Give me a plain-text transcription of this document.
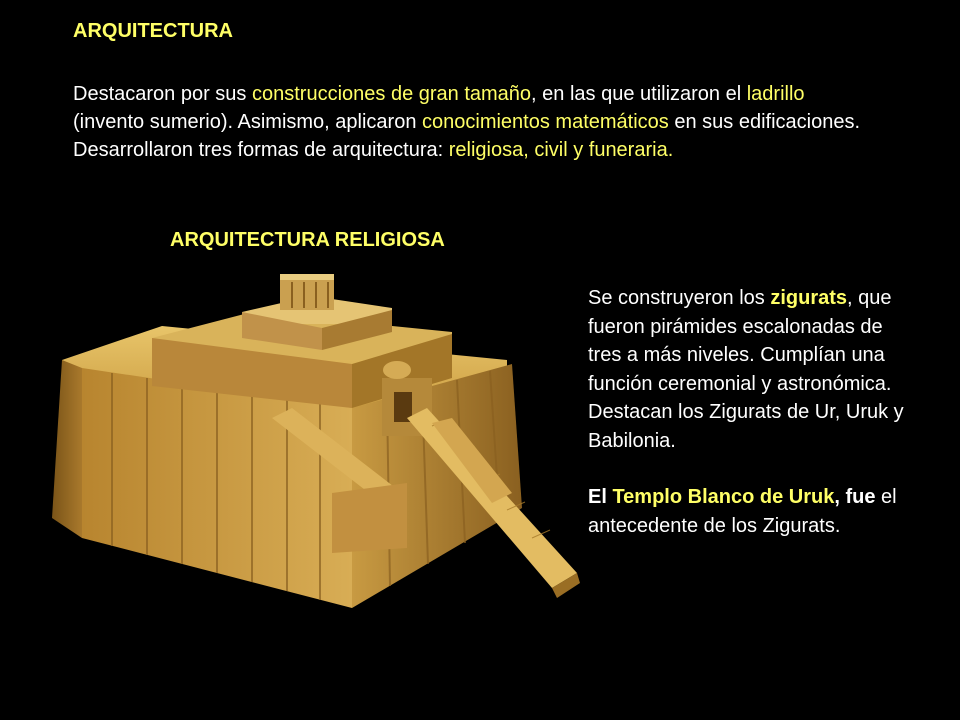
ARQUITECTURA

Destacaron por sus construcciones de gran tamaño, en las que utilizaron el ladrillo (invento sumerio). Asimismo, aplicaron conocimientos matemáticos en sus edificaciones.
Desarrollaron tres formas de arquitectura: religiosa, civil y funeraria.

ARQUITECTURA RELIGIOSA

Se construyeron los zigurats, que fueron pirámides escalonadas de tres a más niveles. Cumplían una función ceremonial y astronómica. Destacan los Zigurats de Ur, Uruk y Babilonia.

El Templo Blanco de Uruk, fue el antecedente de los Zigurats.
